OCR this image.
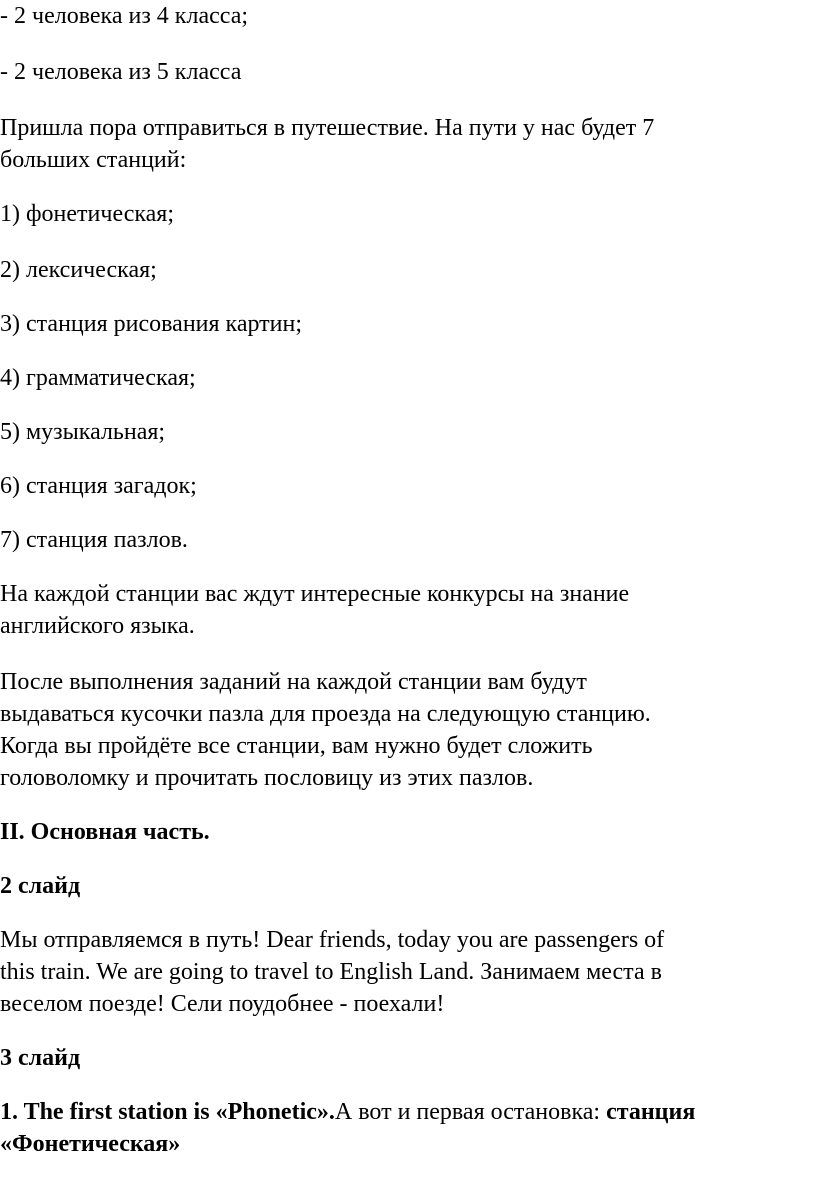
- 2 человека из 4 класса;
- 2 человека из 5 класса
Пришла пора отправиться в путешествие. На пути у нас будет 7
больших станций:
1) фонетическая;
2) лексическая;
3) станция рисования картин;
4) грамматическая;
5) музыкальная;
6) станция загадок;
7) станция пазлов.
На каждой станции вас ждут интересные конкурсы на знание
английского языка.
После выполнения заданий на каждой станции вам будут
выдаваться кусочки пазла для проезда на следующую станцию.
Когда вы пройдёте все станции, вам нужно будет сложить
головоломку и прочитать пословицу из этих пазлов.
II. Основная часть.
2 слайд
Мы отправляемся в путь! Dear friends, today you are passengers of
this train. We are going to travel to English Land. Занимаем места в
веселом поезде! Сели поудобнее - поехали!
3 слайд
1. The first station is «Phonetic».А вот и первая остановка: станция
«Фонетическая»
